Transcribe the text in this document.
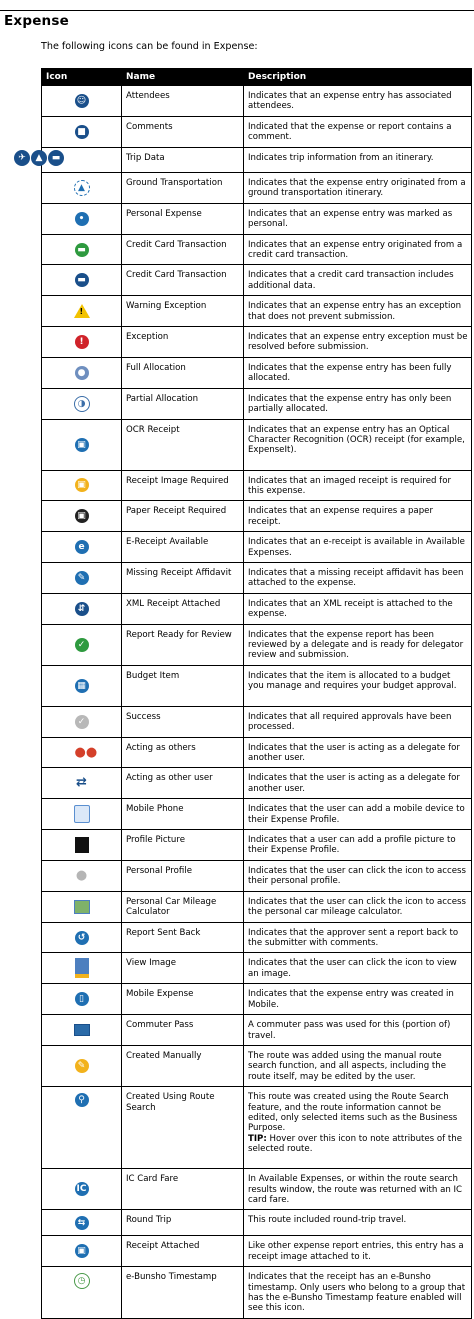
Expense
The following icons can be found in Expense:
Icon	Name	Description
☺	Attendees	Indicates that an expense entry has associated attendees.
■	Comments	Indicated that the expense or report contains a comment.

✈ ▲ ▬	Trip Data	Indicates trip information from an itinerary.
▲	Ground Transportation	Indicates that the expense entry originated from a ground transportation itinerary.
•	Personal Expense	Indicates that an expense entry was marked as personal.
▬	Credit Card Transaction	Indicates that an expense entry originated from a credit card transaction.
▬	Credit Card Transaction	Indicates that a credit card transaction includes additional data.

!	Warning Exception	Indicates that an expense entry has an exception that does not prevent submission.
!	Exception	Indicates that an expense entry exception must be resolved before submission.
●	Full Allocation	Indicates that the expense entry has been fully allocated.
◑	Partial Allocation	Indicates that the expense entry has only been partially allocated.
▣	OCR Receipt	Indicates that an expense entry has an Optical Character Recognition (OCR) receipt (for example, ExpenseIt).
▣	Receipt Image Required	Indicates that an imaged receipt is required for this expense.
▣	Paper Receipt Required	Indicates that an expense requires a paper receipt.
e	E-Receipt Available	Indicates that an e-receipt is available in Available Expenses.
✎	Missing Receipt Affidavit	Indicates that a missing receipt affidavit has been attached to the expense.
⇵	XML Receipt Attached	Indicates that an XML receipt is attached to the expense.
✓	Report Ready for Review	Indicates that the expense report has been reviewed by a delegate and is ready for delegator review and submission.
▦	Budget Item	Indicates that the item is allocated to a budget you manage and requires your budget approval.
✓	Success	Indicates that all required approvals have been processed.
●●	Acting as others	Indicates that the user is acting as a delegate for another user.
⇄	Acting as other user	Indicates that the user is acting as a delegate for another user.
	Mobile Phone	Indicates that the user can add a mobile device to their Expense Profile.
	Profile Picture	Indicates that a user can add a profile picture to their Expense Profile.
●	Personal Profile	Indicates that the user can click the icon to access their personal profile.
	Personal Car Mileage Calculator	Indicates that the user can click the icon to access the personal car mileage calculator.
↺	Report Sent Back	Indicates that the approver sent a report back to the submitter with comments.
	View Image	Indicates that the user can click the icon to view an image.
▯	Mobile Expense	Indicates that the expense entry was created in Mobile.
	Commuter Pass	A commuter pass was used for this (portion of) travel.
✎	Created Manually	The route was added using the manual route search function, and all aspects, including the route itself, may be edited by the user.
⚲	Created Using Route Search	This route was created using the Route Search feature, and the route information cannot be edited, only selected items such as the Business Purpose.
TIP: Hover over this icon to note attributes of the selected route.
IC	IC Card Fare	In Available Expenses, or within the route search results window, the route was returned with an IC card fare.
⇆	Round Trip	This route included round-trip travel.
▣	Receipt Attached	Like other expense report entries, this entry has a receipt image attached to it.
◷	e-Bunsho Timestamp	Indicates that the receipt has an e-Bunsho timestamp. Only users who belong to a group that has the e-Bunsho Timestamp feature enabled will see this icon.
